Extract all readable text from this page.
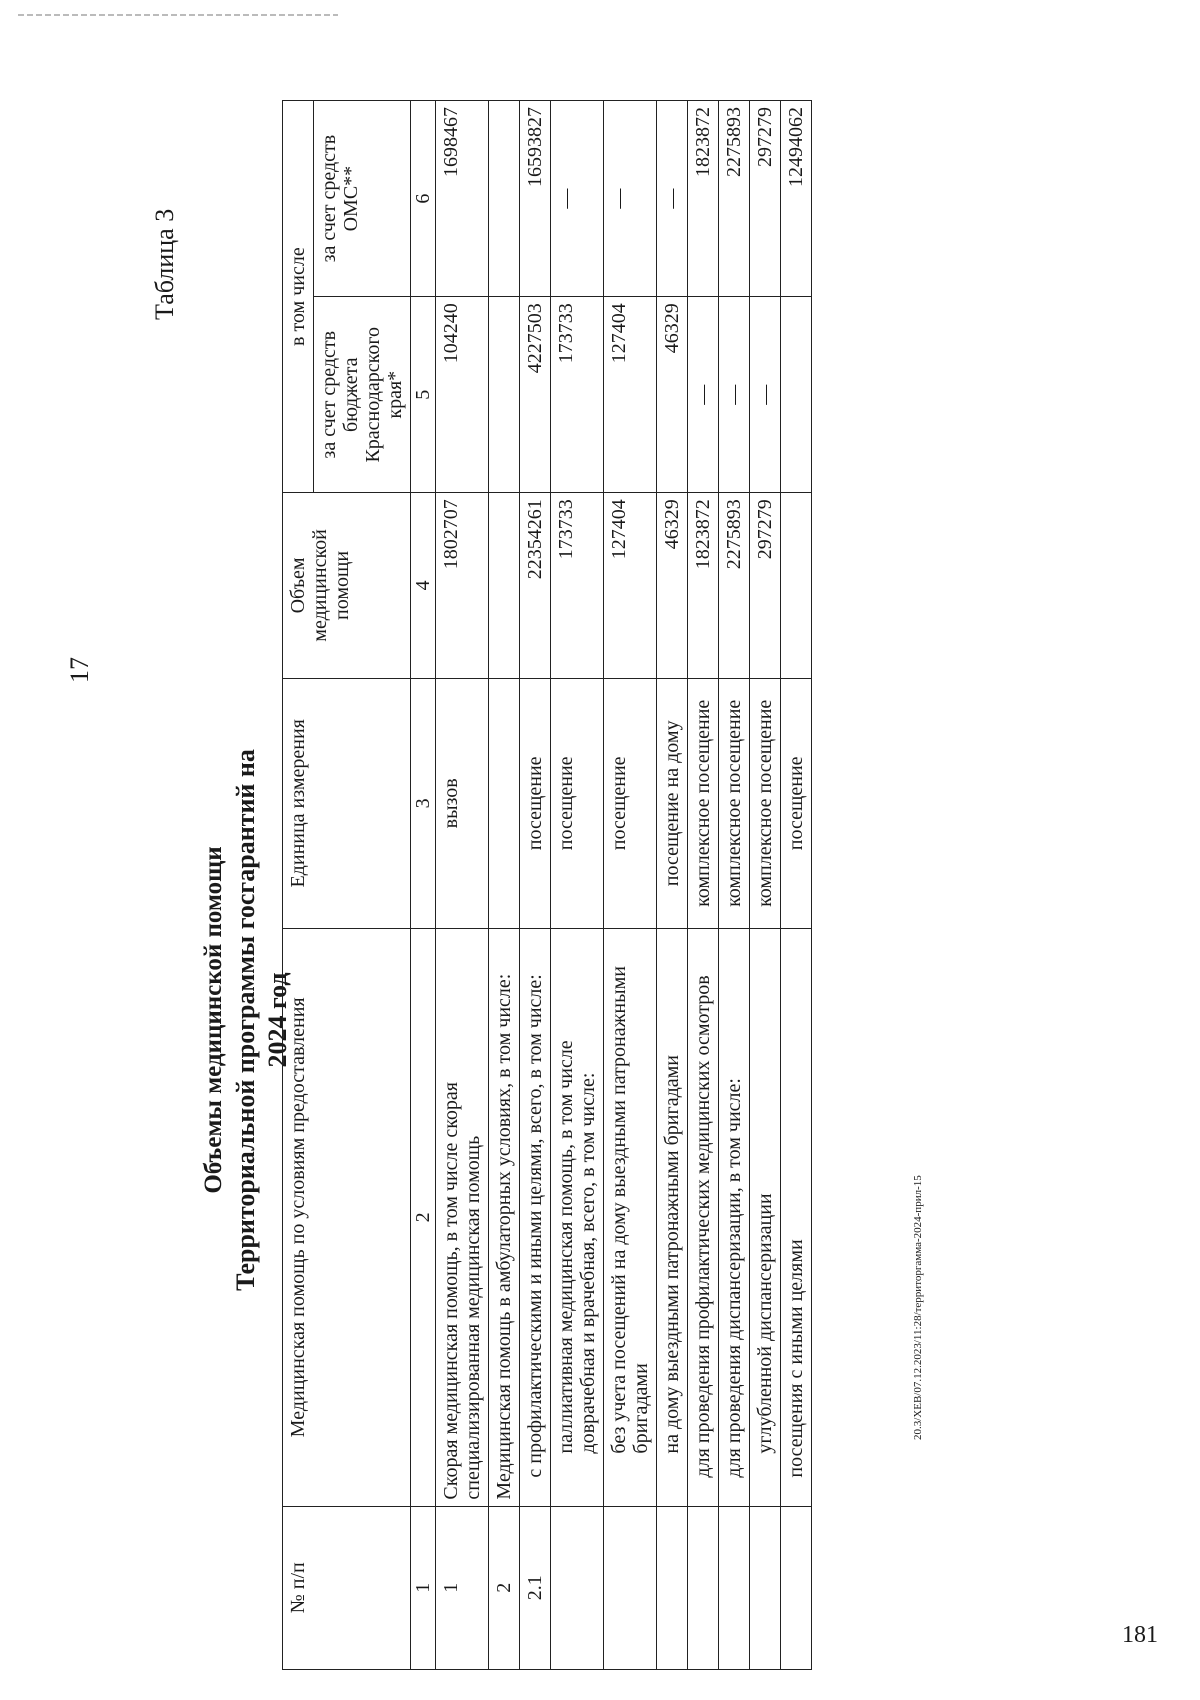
20.3/ХЕВ/07.12.2023/11:28/территоргамма-2024-прил-15
181
17
Таблица 3
Объемы медицинской помощи Территориальной программы госгарантий на 2024 год
№ п/п	Медицинская помощь по условиям предоставления	Единица измерения	Объем медицинской помощи	в том числе	
				за счет средств бюджета Краснодарского края*	за счет средств ОМС**
1	2	3	4	5	6
1	Скорая медицинская помощь, в том числе скорая специализированная медицинская помощь	вызов	1802707	104240	1698467
2	Медицинская помощь в амбулаторных условиях, в том числе:				
2.1	с профилактическими и иными целями, всего, в том числе:	посещение	22354261	4227503	16593827
	паллиативная медицинская помощь, в том числе доврачебная и врачебная, всего, в том числе:	посещение	173733	173733	—
	без учета посещений на дому выездными патронажными бригадами	посещение	127404	127404	—
	на дому выездными патронажными бригадами	посещение на дому	46329	46329	—
	для проведения профилактических медицинских осмотров	комплексное посещение	1823872	—	1823872
	для проведения диспансеризации, в том числе:	комплексное посещение	2275893	—	2275893
	углубленной диспансеризации	комплексное посещение	297279	—	297279
	посещения с иными целями	посещение			12494062
